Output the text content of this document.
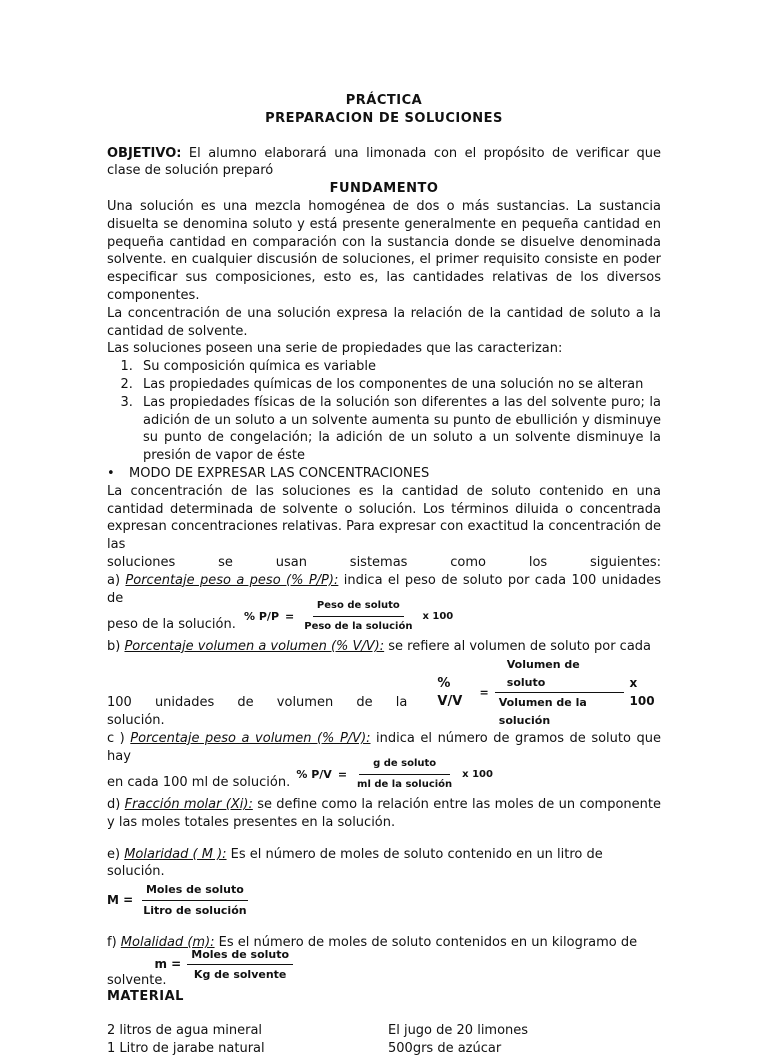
PRÁCTICA
PREPARACION DE SOLUCIONES
OBJETIVO: El alumno elaborará una limonada con el propósito de verificar que clase de solución preparó
FUNDAMENTO
Una solución es una mezcla homogénea de dos o más sustancias. La sustancia disuelta se denomina soluto y está presente generalmente en pequeña cantidad en pequeña cantidad en comparación con la sustancia donde se disuelve denominada solvente. en cualquier discusión de soluciones, el primer requisito consiste en poder especificar sus composiciones, esto es, las cantidades relativas de los diversos componentes.
La concentración de una solución expresa la relación de la cantidad de soluto a la cantidad de solvente.
Las soluciones poseen una serie de propiedades que las caracterizan:
1. Su composición química es variable
2. Las propiedades químicas de los componentes de una solución no se alteran
3. Las propiedades físicas de la solución son diferentes a las del solvente puro; la adición de un soluto a un solvente aumenta su punto de ebullición y disminuye su punto de congelación; la adición de un soluto a un solvente disminuye la presión de vapor de éste
•	MODO DE EXPRESAR LAS CONCENTRACIONES
La concentración de las soluciones es la cantidad de soluto contenido en una cantidad determinada de solvente o solución. Los términos diluida o concentrada expresan concentraciones relativas. Para expresar con exactitud la concentración de las
soluciones se usan sistemas como los siguientes:
a) Porcentaje peso a peso (% P/P): indica el peso de soluto por cada 100 unidades de
peso de la solución.
% $P/P = \frac{\text{Peso de soluto}}{\text{Peso de la solución}}$ x 100
b) Porcentaje volumen a volumen (% V/V): se refiere al volumen de soluto por cada
100 unidades de volumen de la solución.
% V/V
= $\frac{\text{Volumen de soluto}}{\text{Volumen de la solución}}$ x 100
c ) Porcentaje peso a volumen (% P/V): indica el número de gramos de soluto que hay
en cada 100 ml de solución.
% $P/V = \frac{\text{g de soluto}}{\text{ml de la solución}}$ x 100
d) Fracción molar (Xi): se define como la relación entre las moles de un componente y las moles totales presentes en la solución.
e) Molaridad ( M ): Es el número de moles de soluto contenido en un litro de solución.
$M = \frac{\text{Moles de soluto}}{\text{Litro de solución}}$
f) Molalidad (m): Es el número de moles de soluto contenidos en un kilogramo de
solvente.
$m = \frac{\text{Moles de soluto}}{\text{Kg de solvente}}$
MATERIAL
2 litros de agua mineral	El jugo de 20 limones
1 Litro de jarabe natural	500grs de azúcar
